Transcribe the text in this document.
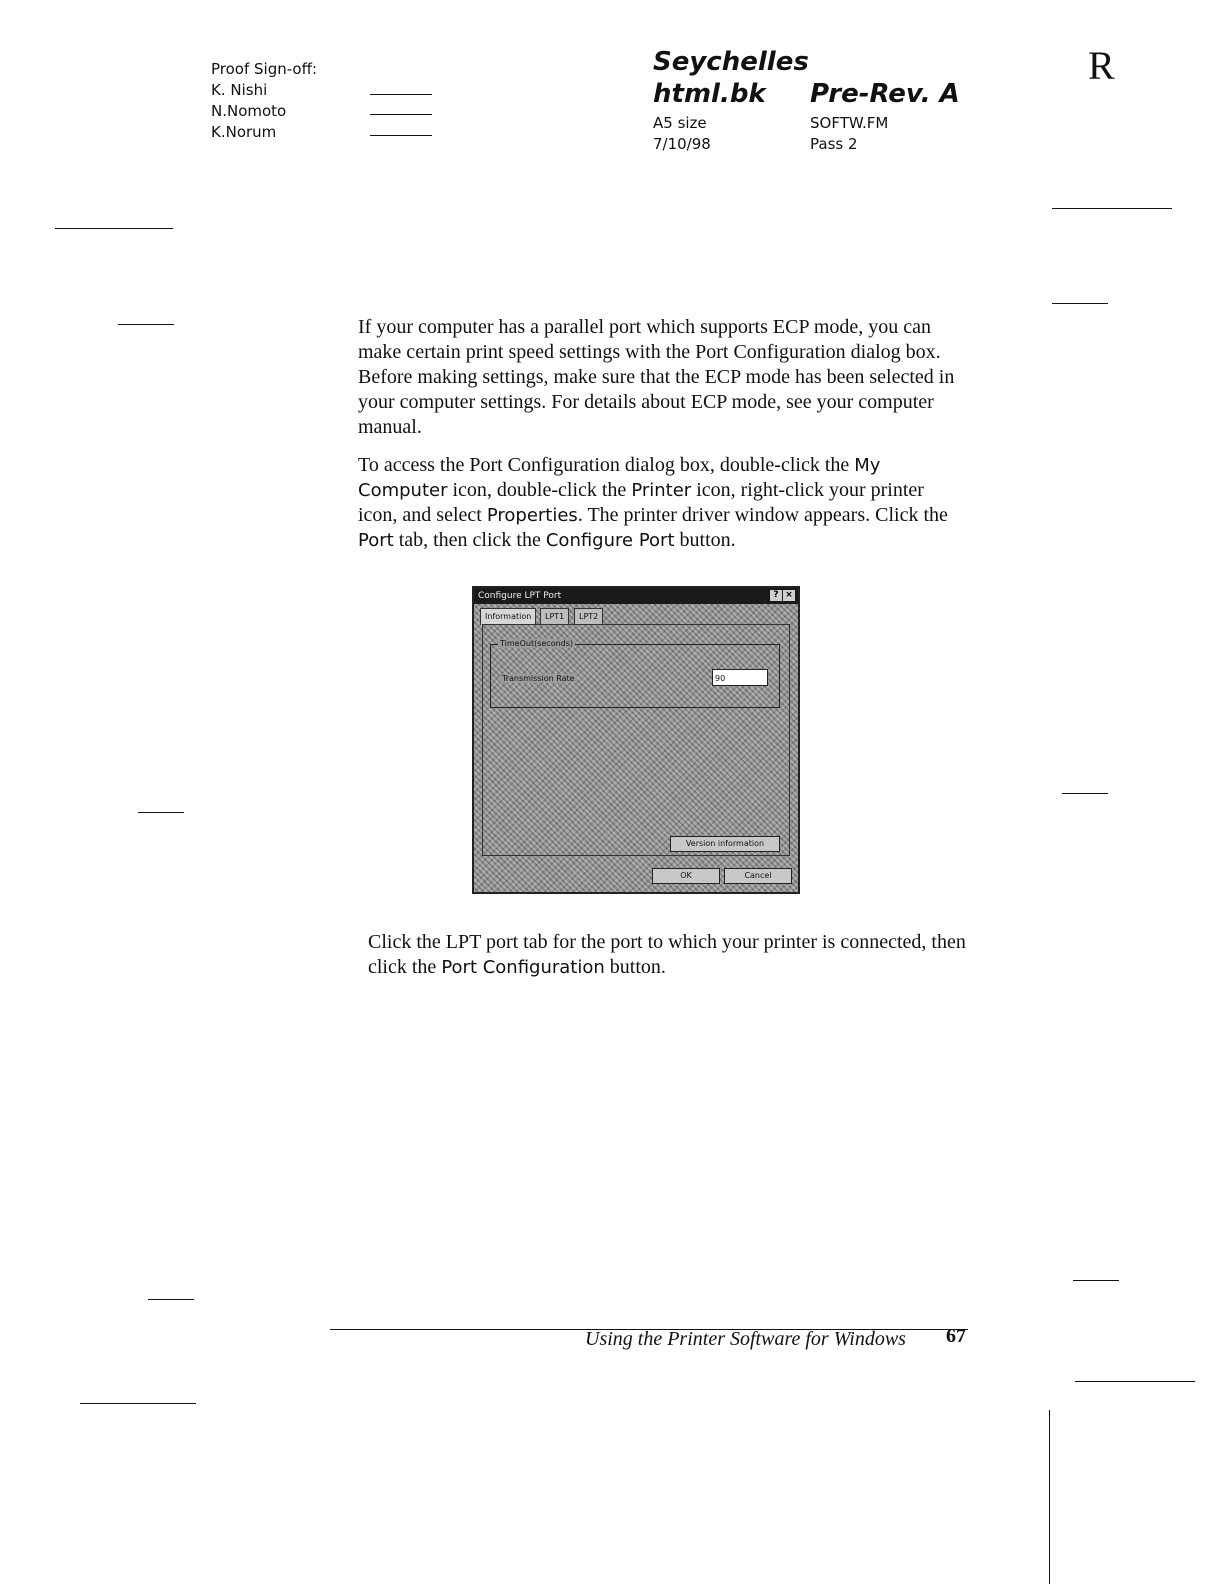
Proof Sign-off:
K. Nishi
N.Nomoto
K.Norum
Seychelles
html.bk
A5 size
7/10/98
Pre-Rev. A
SOFTW.FM
Pass 2
R

If your computer has a parallel port which supports ECP mode, you can make certain print speed settings with the Port Configuration dialog box. Before making settings, make sure that the ECP mode has been selected in your computer settings. For details about ECP mode, see your computer manual.

To access the Port Configuration dialog box, double-click the My Computer icon, double-click the Printer icon, right-click your printer icon, and select Properties. The printer driver window appears. Click the Port tab, then click the Configure Port button.

Configure LPT Port	? ×
Information	LPT1	LPT2
TimeOut(seconds)
Transmission Rate	90
Version information
OK	Cancel

Click the LPT port tab for the port to which your printer is connected, then click the Port Configuration button.

Using the Printer Software for Windows 67
